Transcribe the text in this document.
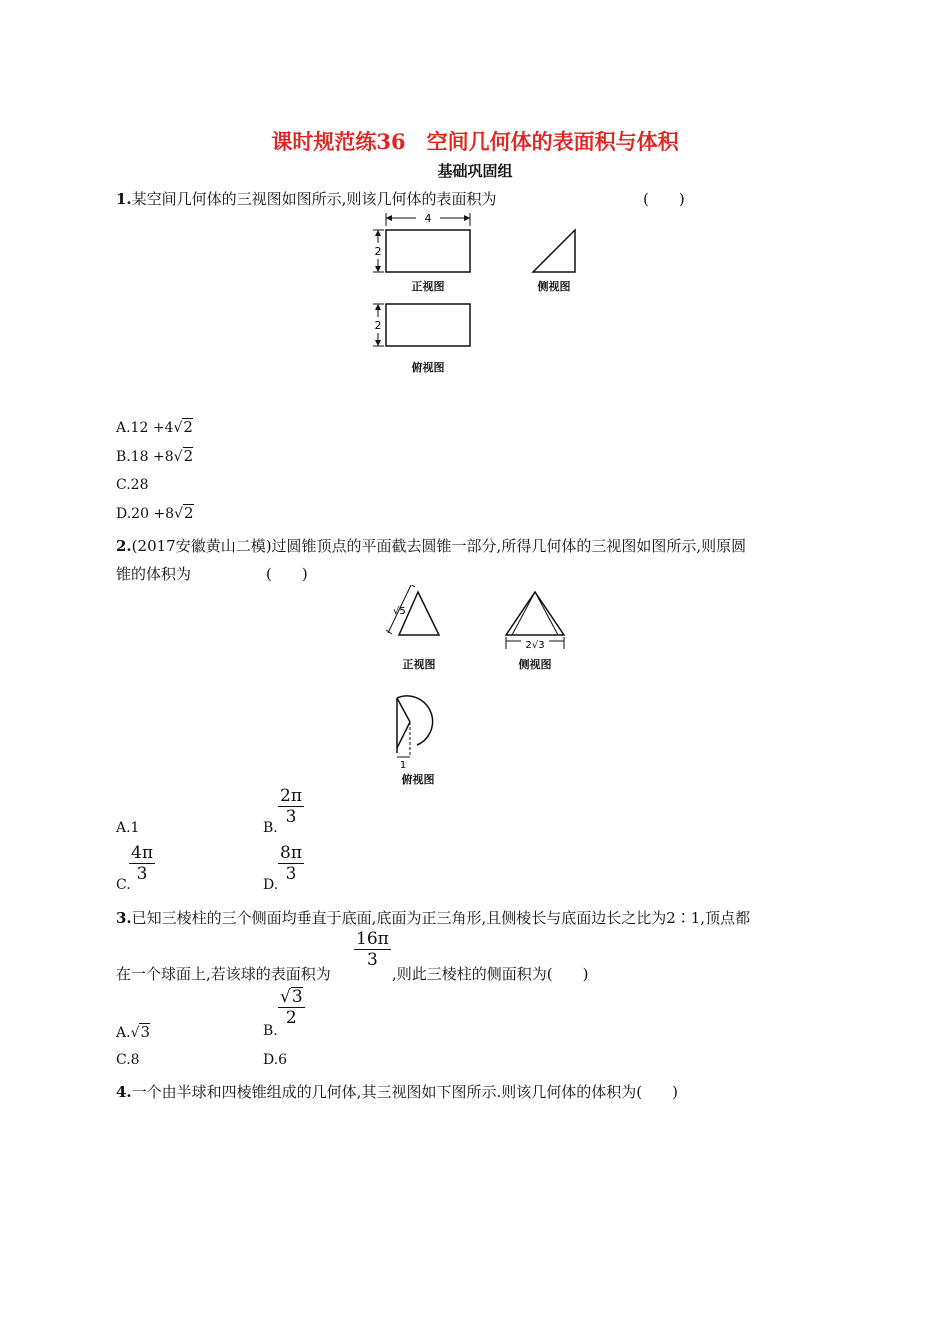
课时规范练36　空间几何体的表面积与体积
基础巩固组
1.某空间几何体的三视图如图所示,则该几何体的表面积为	(　　)
4
2
正视图	侧视图
2
俯视图
A.12 +4√2
B.18 +8√2
C.28
D.20 +8√2
2.(2017安徽黄山二模)过圆锥顶点的平面截去圆锥一部分,所得几何体的三视图如图所示,则原圆
锥的体积为	(　　)
√5
正视图
2√3
侧视图
1
俯视图
A.1	B.
$\frac{2\pi}{3}$
C.
$\frac{4\pi}{3}$
D.
$\frac{8\pi}{3}$
3.已知三棱柱的三个侧面均垂直于底面,底面为正三角形,且侧棱长与底面边长之比为2∶1,顶点都
在一个球面上,若该球的表面积为
$\frac{16\pi}{3}$
,则此三棱柱的侧面积为(　　)
A.√3	B.
$\frac{√3}{2}$
C.8	D.6
4.一个由半球和四棱锥组成的几何体,其三视图如下图所示.则该几何体的体积为(　　)
